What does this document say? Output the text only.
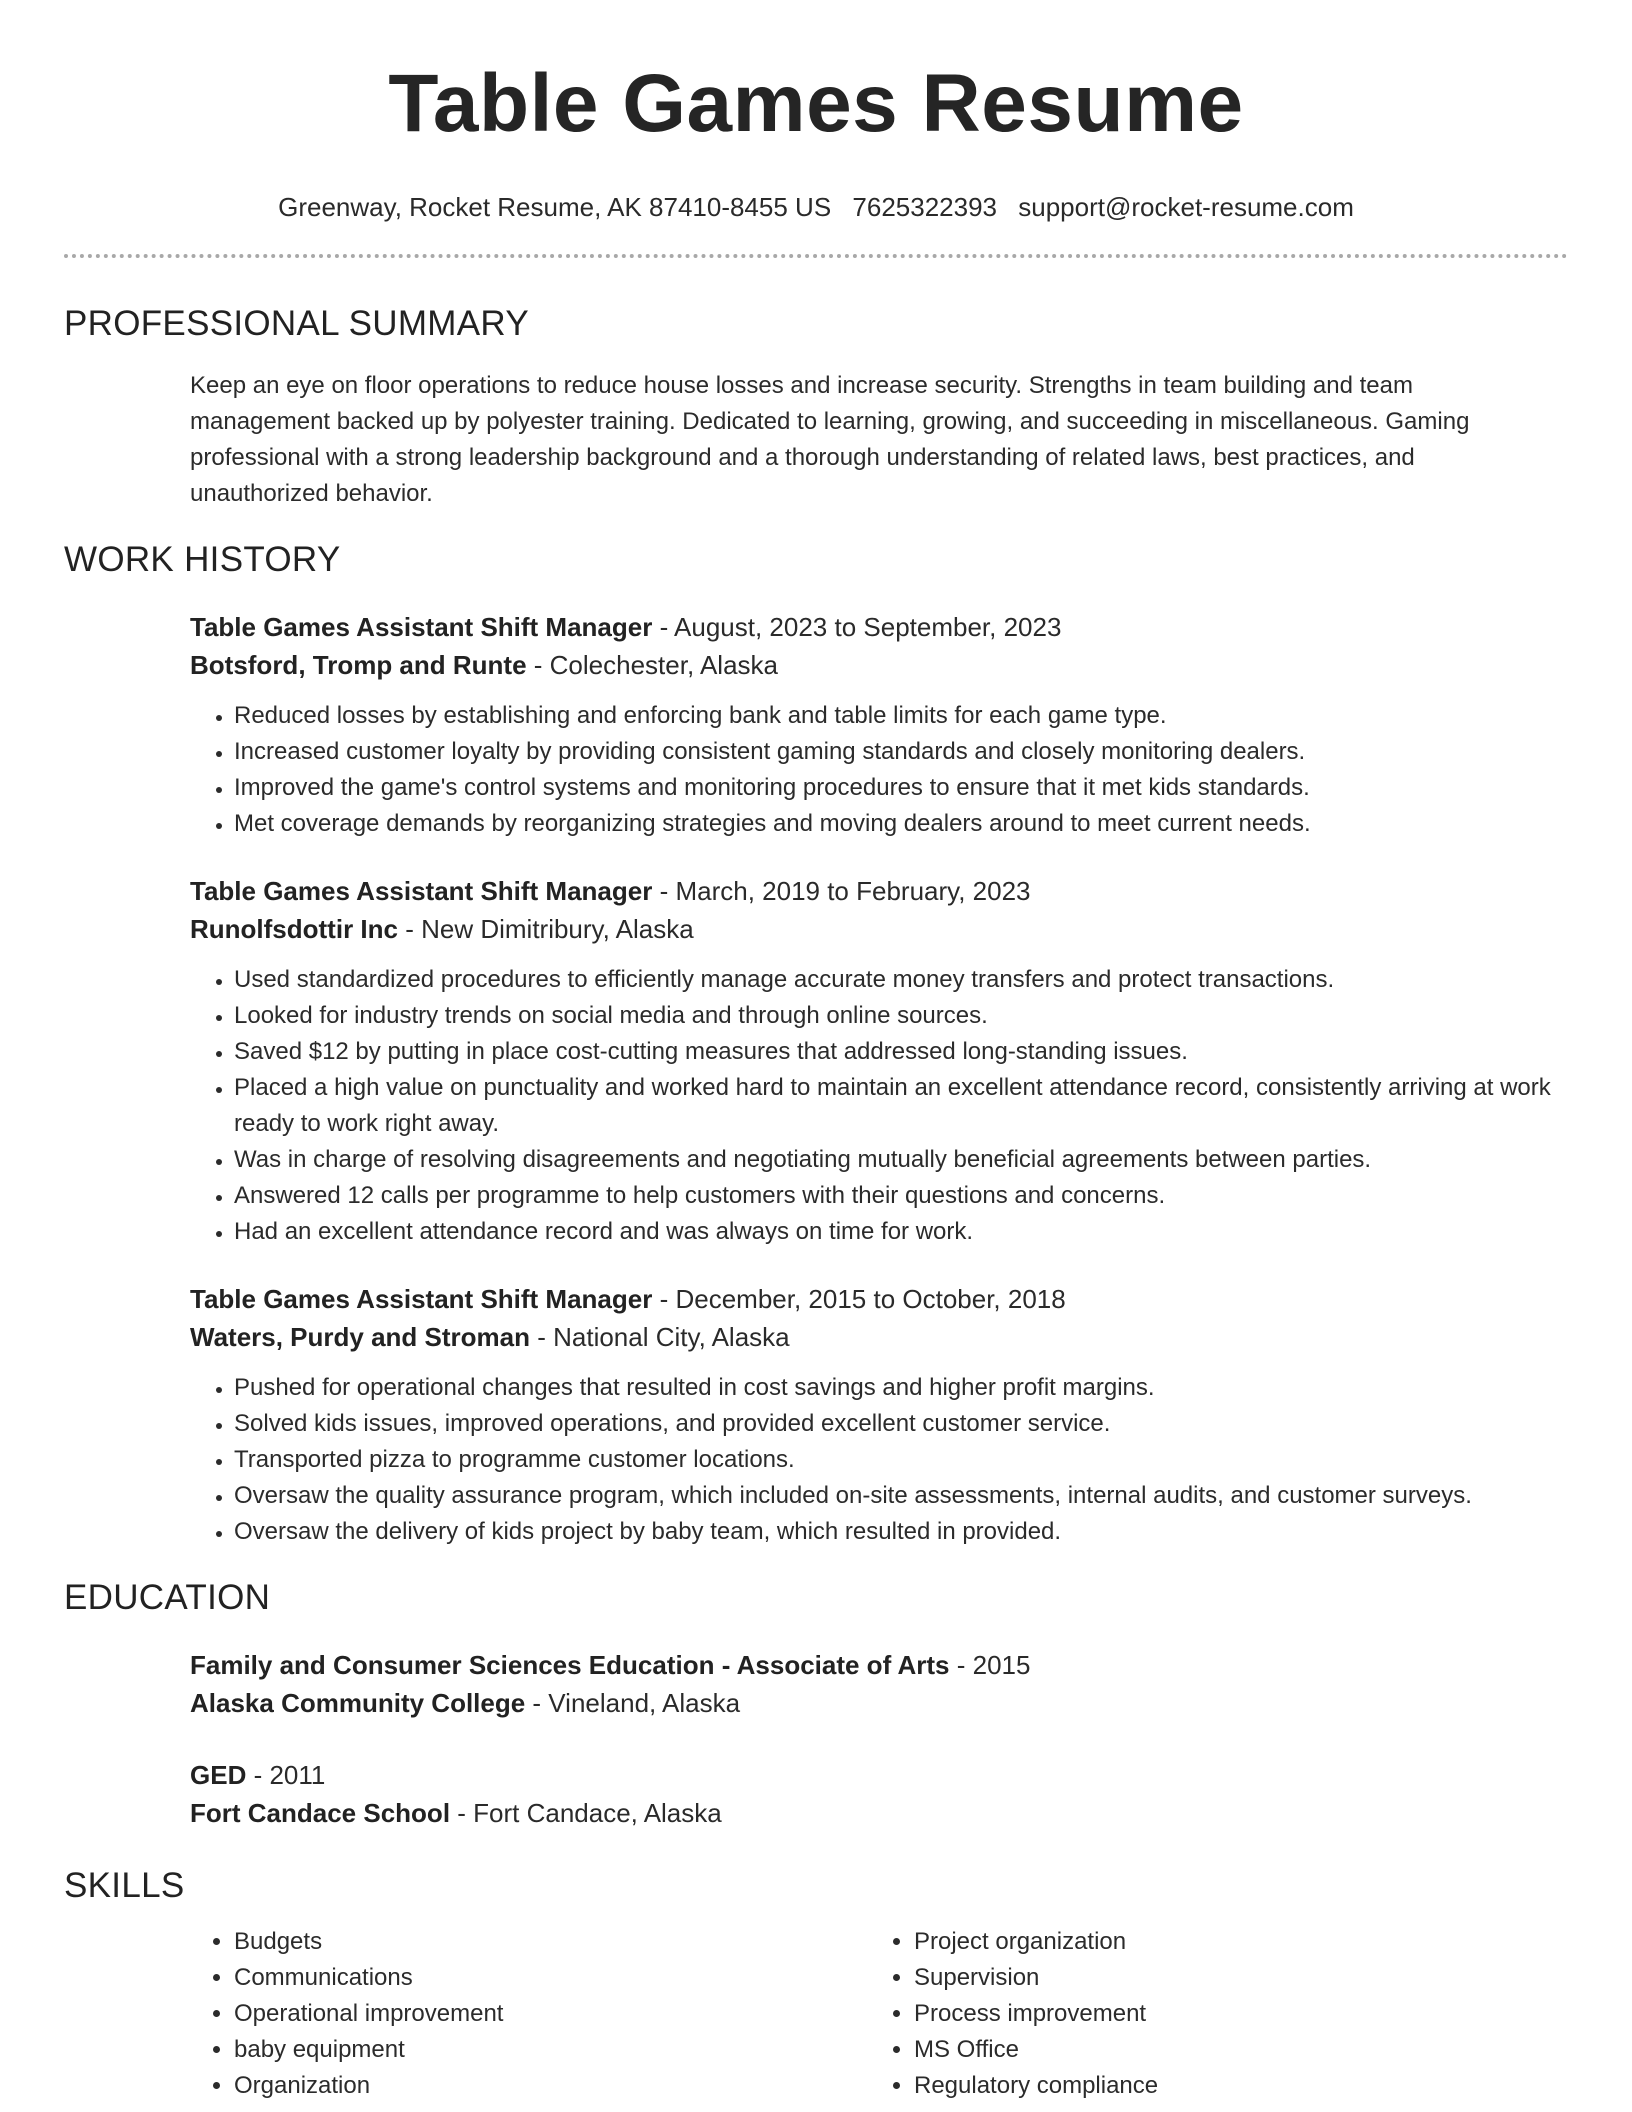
Table Games Resume
Greenway, Rocket Resume, AK 87410-8455 US 7625322393 support@rocket-resume.com
PROFESSIONAL SUMMARY

Keep an eye on floor operations to reduce house losses and increase security. Strengths in team building and team management backed up by polyester training. Dedicated to learning, growing, and succeeding in miscellaneous. Gaming professional with a strong leadership background and a thorough understanding of related laws, best practices, and unauthorized behavior.

WORK HISTORY
Table Games Assistant Shift Manager - August, 2023 to September, 2023
Botsford, Tromp and Runte - Colechester, Alaska
• Reduced losses by establishing and enforcing bank and table limits for each game type.
• Increased customer loyalty by providing consistent gaming standards and closely monitoring dealers.
• Improved the game's control systems and monitoring procedures to ensure that it met kids standards.
• Met coverage demands by reorganizing strategies and moving dealers around to meet current needs.
Table Games Assistant Shift Manager - March, 2019 to February, 2023
Runolfsdottir Inc - New Dimitribury, Alaska
• Used standardized procedures to efficiently manage accurate money transfers and protect transactions.
• Looked for industry trends on social media and through online sources.
• Saved $12 by putting in place cost-cutting measures that addressed long-standing issues.
• Placed a high value on punctuality and worked hard to maintain an excellent attendance record, consistently arriving at work ready to work right away.
• Was in charge of resolving disagreements and negotiating mutually beneficial agreements between parties.
• Answered 12 calls per programme to help customers with their questions and concerns.
• Had an excellent attendance record and was always on time for work.
Table Games Assistant Shift Manager - December, 2015 to October, 2018
Waters, Purdy and Stroman - National City, Alaska
• Pushed for operational changes that resulted in cost savings and higher profit margins.
• Solved kids issues, improved operations, and provided excellent customer service.
• Transported pizza to programme customer locations.
• Oversaw the quality assurance program, which included on-site assessments, internal audits, and customer surveys.
• Oversaw the delivery of kids project by baby team, which resulted in provided.
EDUCATION
Family and Consumer Sciences Education - Associate of Arts - 2015
Alaska Community College - Vineland, Alaska
GED - 2011
Fort Candace School - Fort Candace, Alaska
SKILLS
• Budgets
• Communications
• Operational improvement
• baby equipment
• Organization
• Project organization
• Supervision
• Process improvement
• MS Office
• Regulatory compliance
